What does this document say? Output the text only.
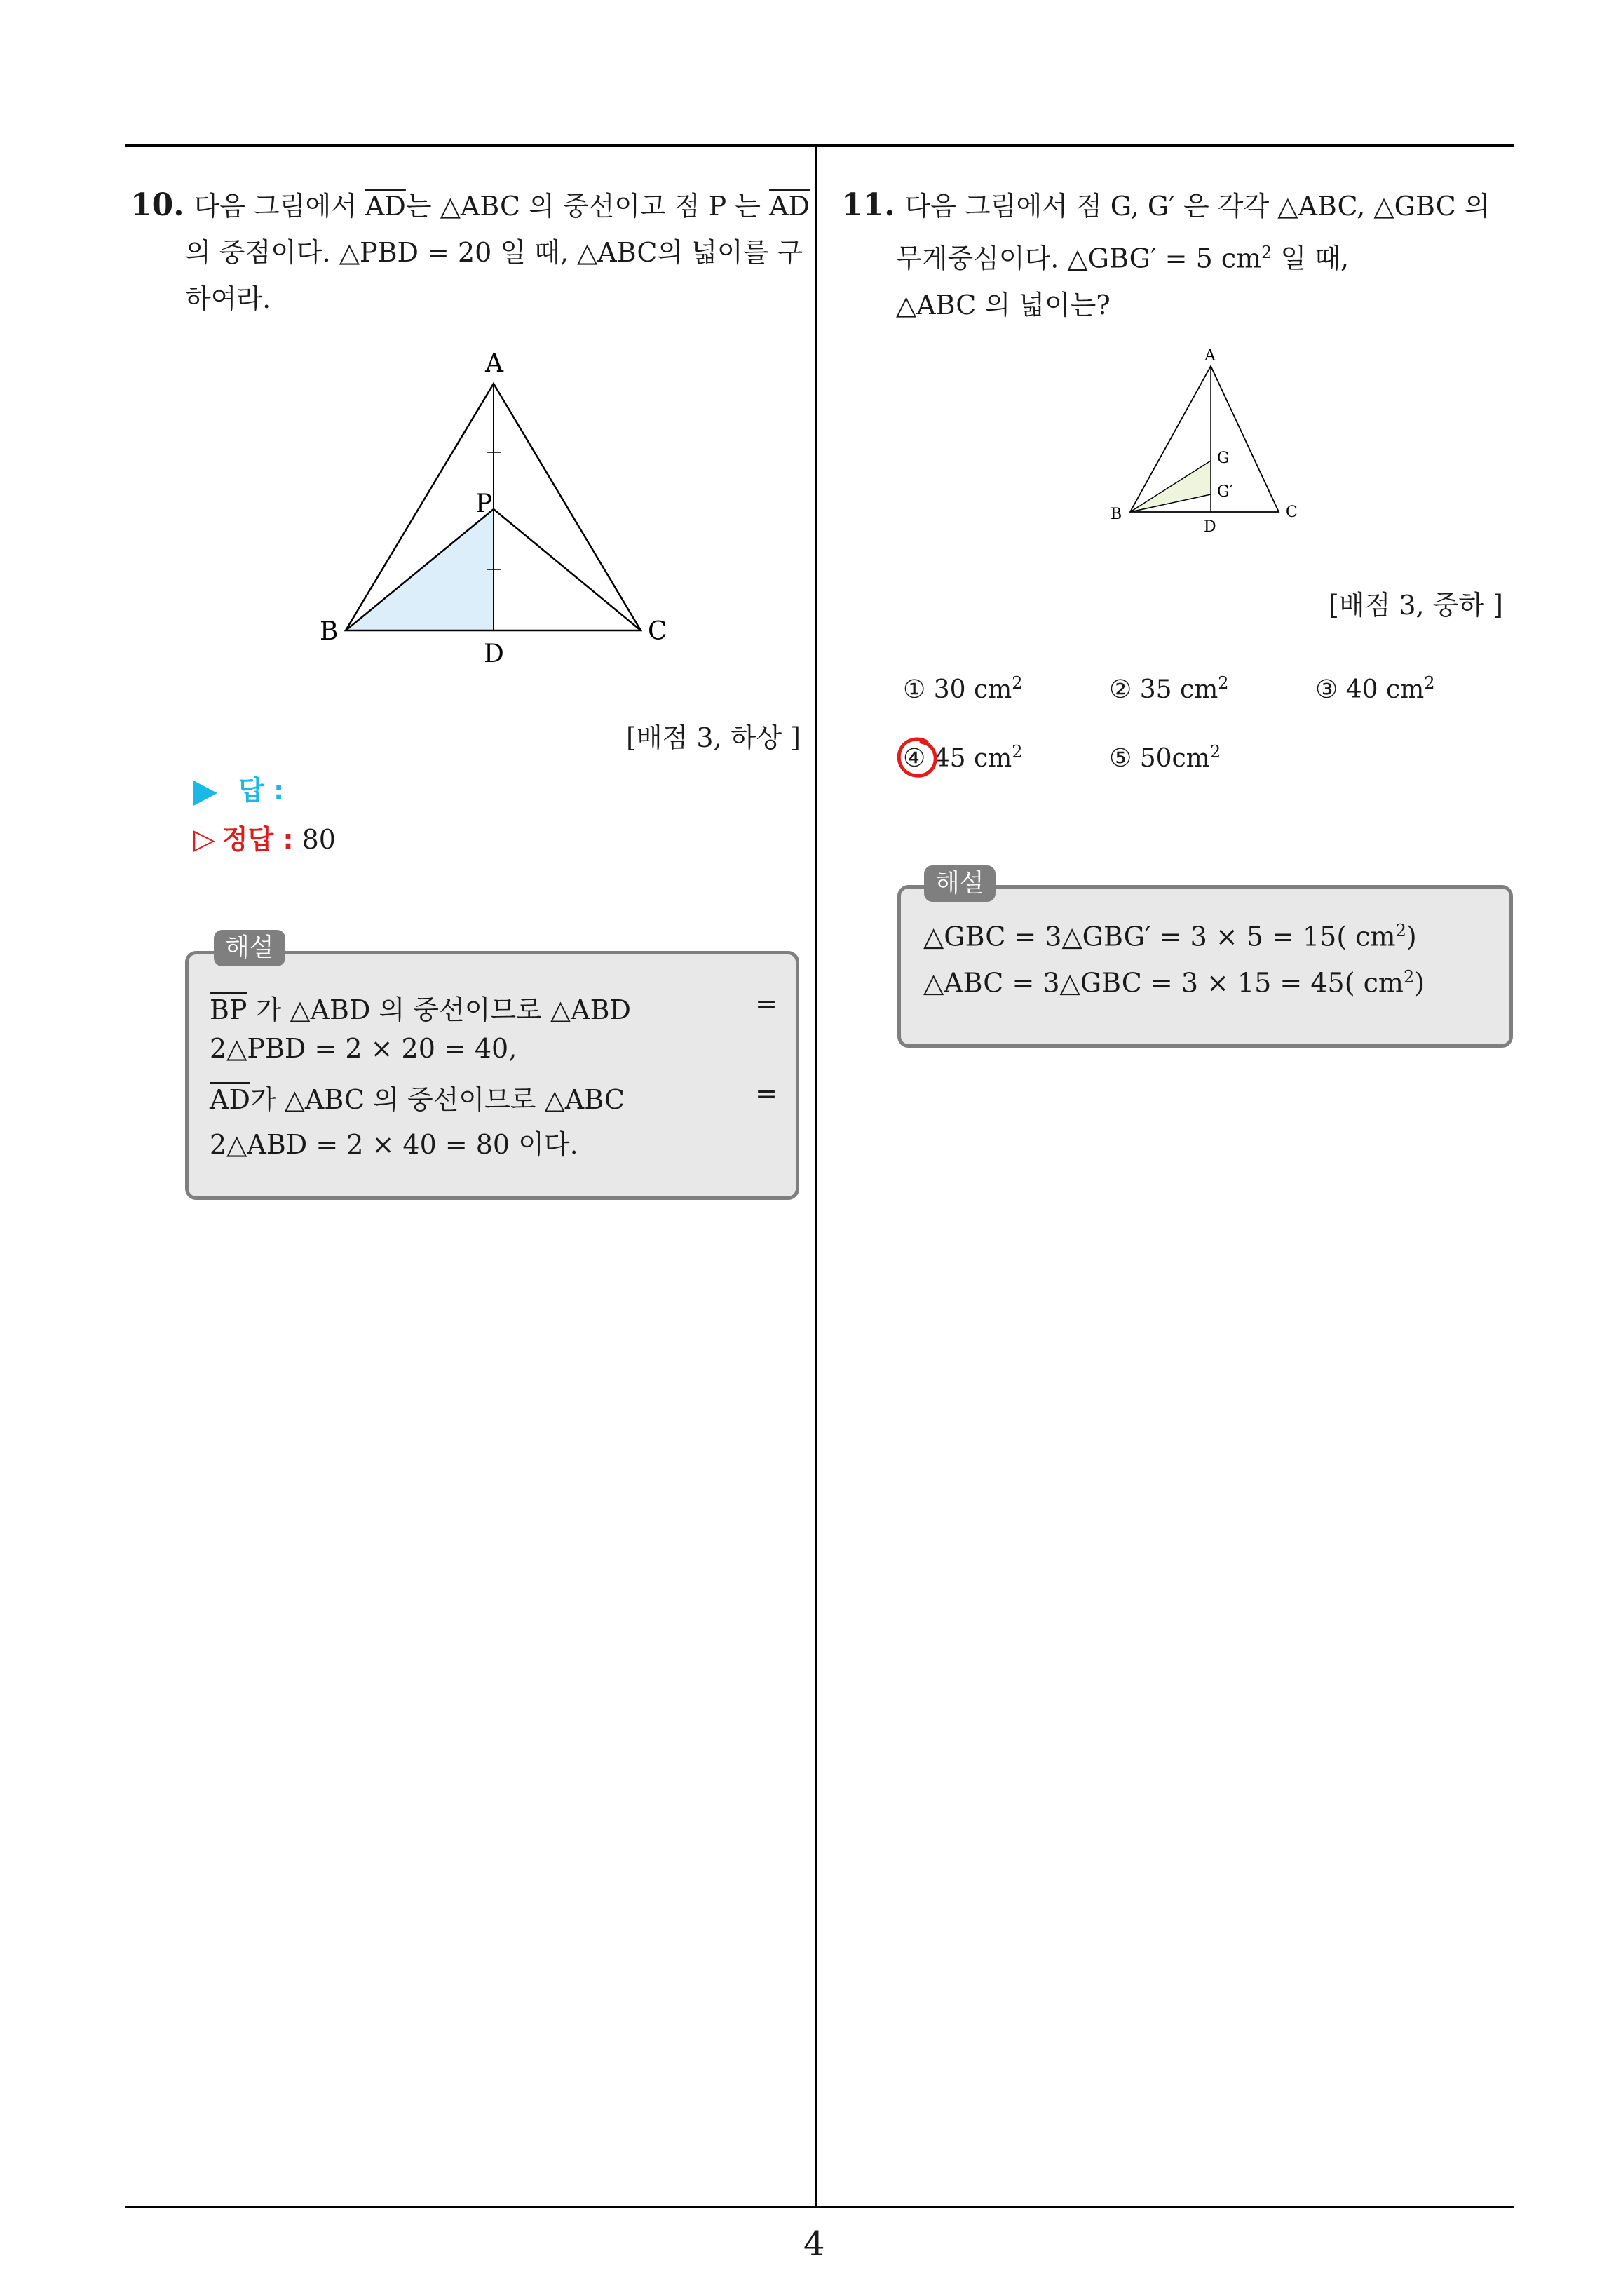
10. 다음 그림에서 $\overline{AD}$는 △ABC 의 중선이고 점 P 는 $\overline{AD}$
의 중점이다. △PBD = 20 일 때, △ABC의 넓이를 구
하여라.
A
P
B
D
C
[배점 3, 하상 ]
답 :
▷ 정답 : 80
$\overline{BP}$ 가 △ABD 의 중선이므로 △ABD	=
2△PBD = 2 × 20 = 40,
$\overline{AD}$가 △ABC 의 중선이므로 △ABC	=
2△ABD = 2 × 40 = 80 이다.
해설
11. 다음 그림에서 점 G, G′ 은 각각 △ABC, △GBC 의
무게중심이다. △GBG′ = 5 $cm^2$ 일 때,
△ABC 의 넓이는?
A
G
G′
B
D
C
[배점 3, 중하 ]
① 30 $cm^2$	② 35 $cm^2$	③ 40 $cm^2$
④ 45 $cm^2$	⑤ $50cm^2$
△GBC = 3△GBG′ = 3 × 5 = 15( $cm^2$)
△ABC = 3△GBC = 3 × 15 = 45( $cm^2$)
해설
4
